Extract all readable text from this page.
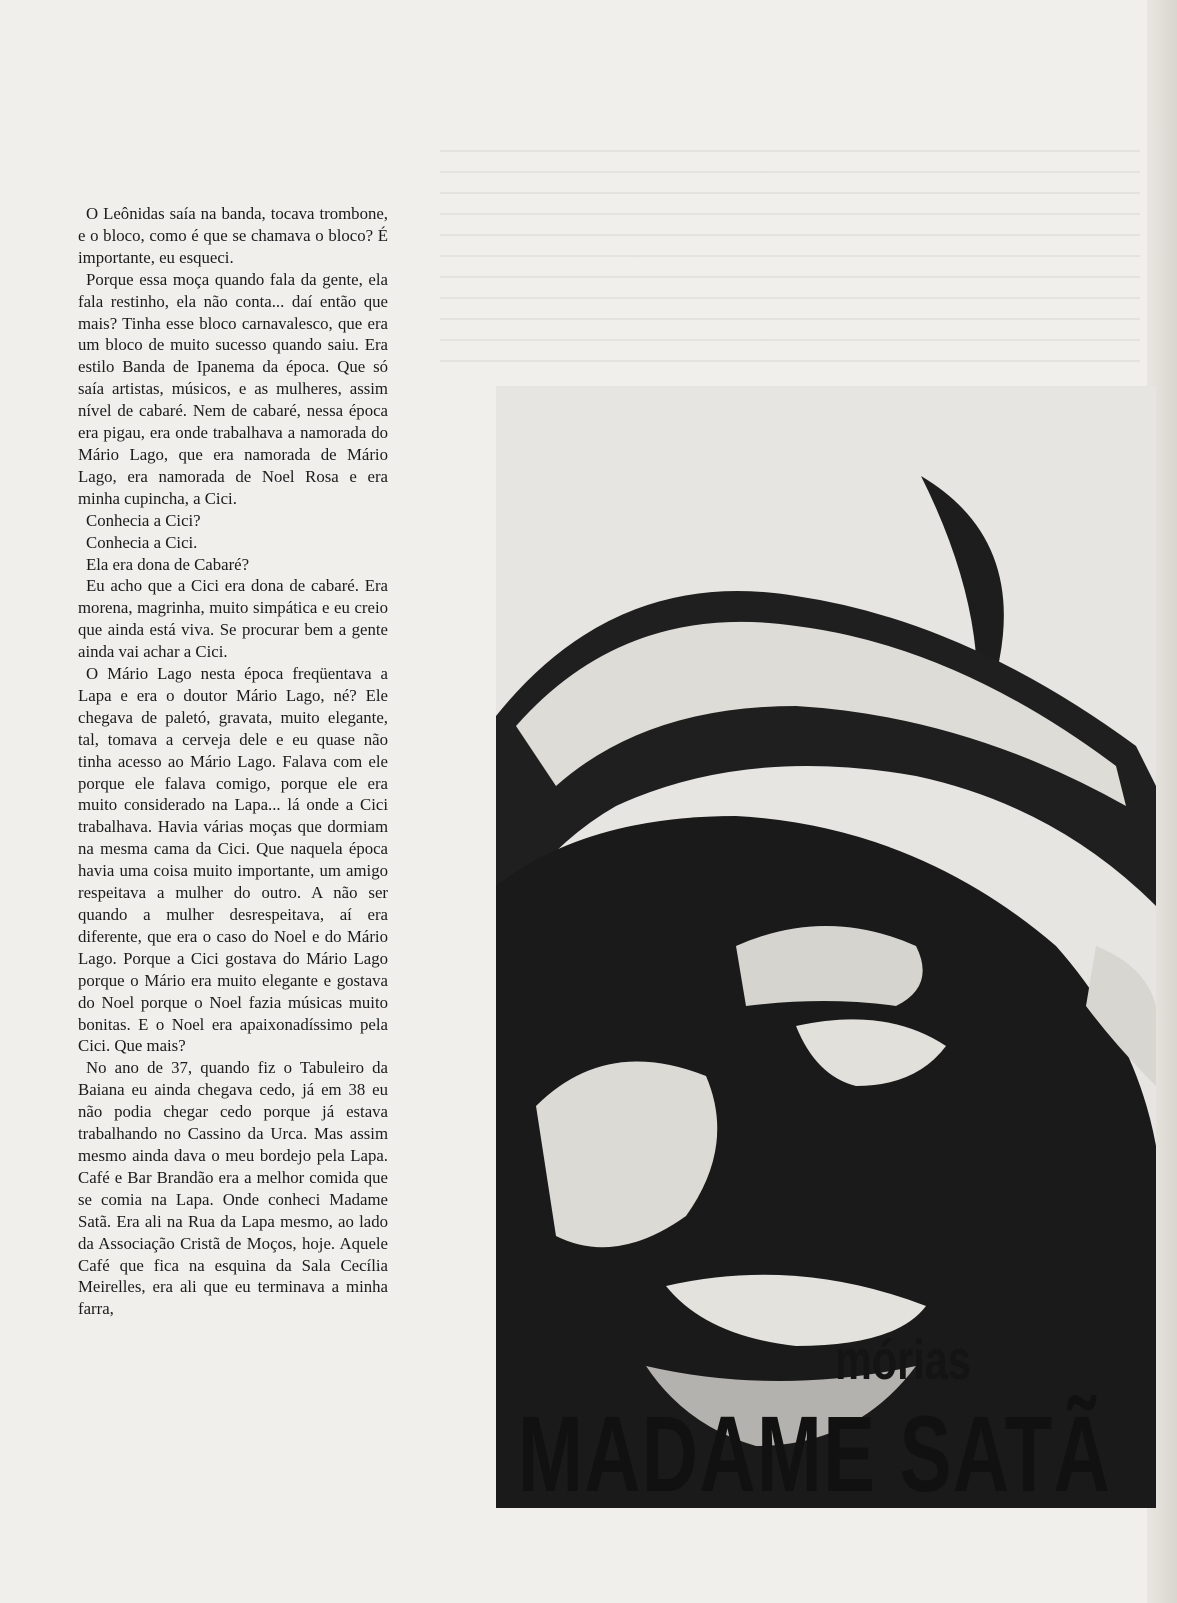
O Leônidas saía na banda, tocava trombone, e o bloco, como é que se chamava o bloco? É importante, eu esqueci.

Porque essa moça quando fala da gente, ela fala restinho, ela não conta... daí então que mais? Tinha esse bloco carnavalesco, que era um bloco de muito sucesso quando saiu. Era estilo Banda de Ipanema da época. Que só saía artistas, músicos, e as mulheres, assim nível de cabaré. Nem de cabaré, nessa época era pigau, era onde trabalhava a namorada do Mário Lago, que era namorada de Mário Lago, era namorada de Noel Rosa e era minha cupincha, a Cici.

Conhecia a Cici?

Conhecia a Cici.

Ela era dona de Cabaré?

Eu acho que a Cici era dona de cabaré. Era morena, magrinha, muito simpática e eu creio que ainda está viva. Se procurar bem a gente ainda vai achar a Cici.

O Mário Lago nesta época freqüentava a Lapa e era o doutor Mário Lago, né? Ele chegava de paletó, gravata, muito elegante, tal, tomava a cerveja dele e eu quase não tinha acesso ao Mário Lago. Falava com ele porque ele falava comigo, porque ele era muito considerado na Lapa... lá onde a Cici trabalhava. Havia várias moças que dormiam na mesma cama da Cici. Que naquela época havia uma coisa muito importante, um amigo respeitava a mulher do outro. A não ser quando a mulher desrespeitava, aí era diferente, que era o caso do Noel e do Mário Lago. Porque a Cici gostava do Mário Lago porque o Mário era muito elegante e gostava do Noel porque o Noel fazia músicas muito bonitas. E o Noel era apaixonadíssimo pela Cici. Que mais?

No ano de 37, quando fiz o Tabuleiro da Baiana eu ainda chegava cedo, já em 38 eu não podia chegar cedo porque já estava trabalhando no Cassino da Urca. Mas assim mesmo ainda dava o meu bordejo pela Lapa. Café e Bar Brandão era a melhor comida que se comia na Lapa. Onde conheci Madame Satã. Era ali na Rua da Lapa mesmo, ao lado da Associação Cristã de Moços, hoje. Aquele Café que fica na esquina da Sala Cecília Meirelles, era ali que eu terminava a minha farra,

mórias
MADAME SATÃ
